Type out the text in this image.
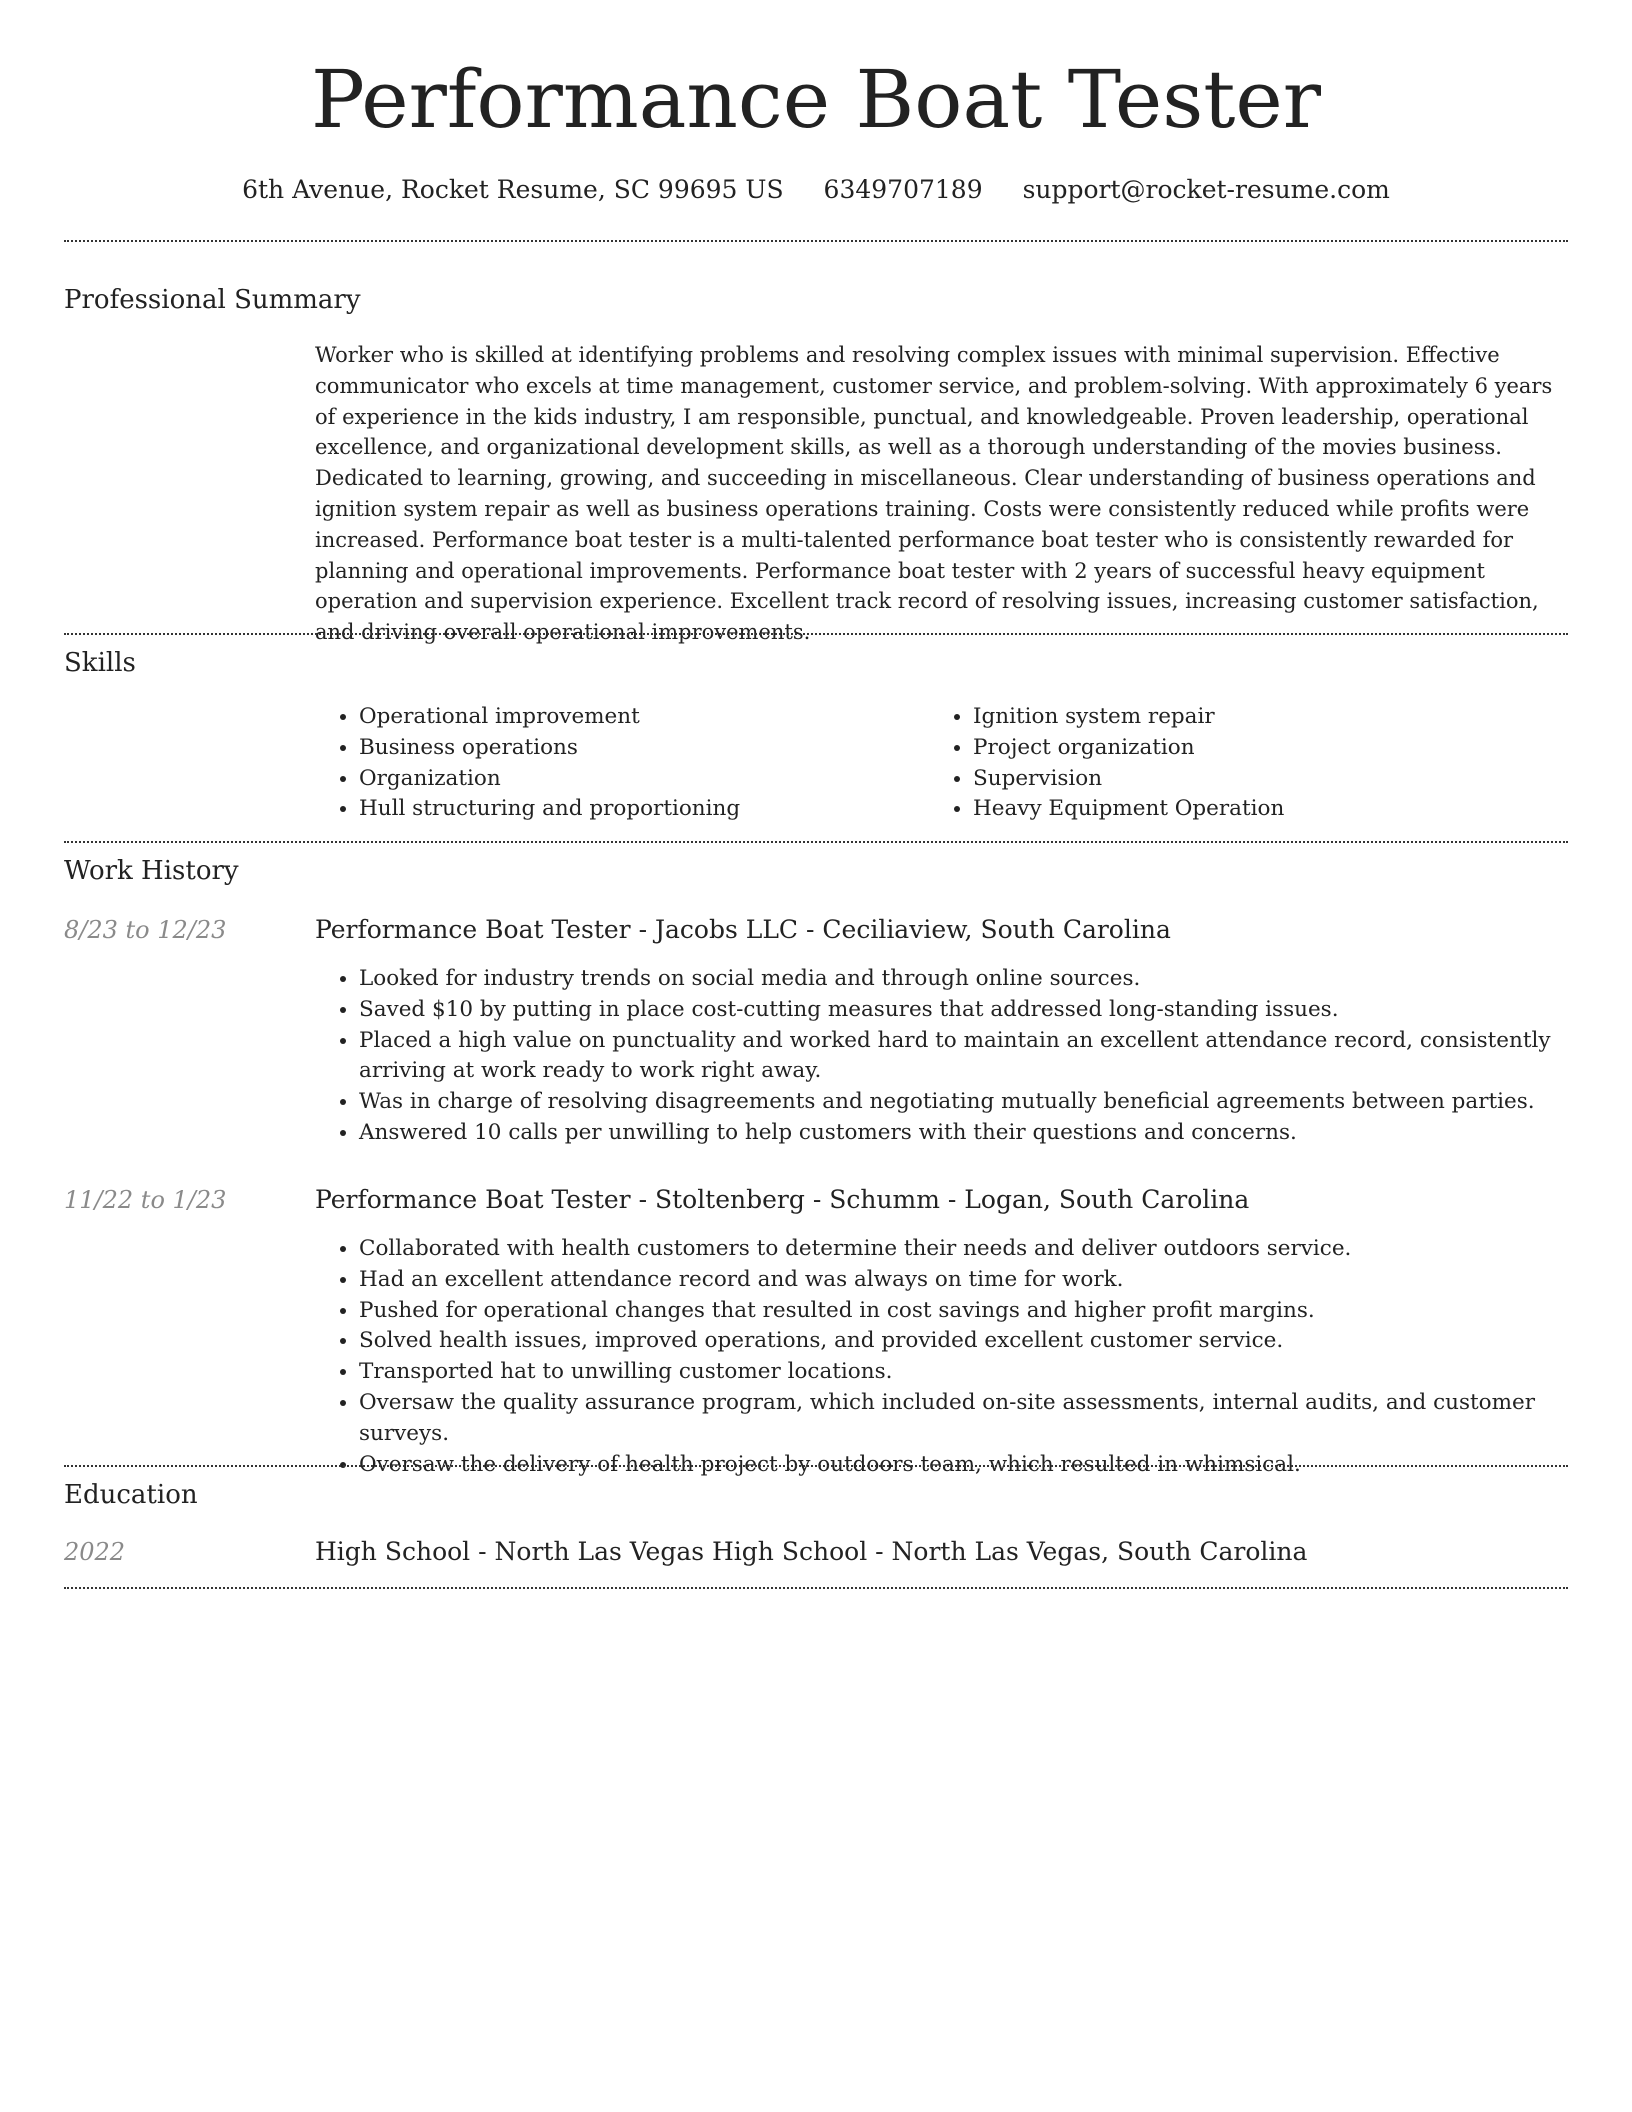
Performance Boat Tester
6th Avenue, Rocket Resume, SC 99695 US 6349707189 support@rocket-resume.com
Professional Summary

Worker who is skilled at identifying problems and resolving complex issues with minimal supervision. Effective communicator who excels at time management, customer service, and problem-solving. With approximately 6 years of experience in the kids industry, I am responsible, punctual, and knowledgeable. Proven leadership, operational excellence, and organizational development skills, as well as a thorough understanding of the movies business. Dedicated to learning, growing, and succeeding in miscellaneous. Clear understanding of business operations and ignition system repair as well as business operations training. Costs were consistently reduced while profits were increased. Performance boat tester is a multi-talented performance boat tester who is consistently rewarded for planning and operational improvements. Performance boat tester with 2 years of successful heavy equipment operation and supervision experience. Excellent track record of resolving issues, increasing customer satisfaction, and driving overall operational improvements.

Skills
• Operational improvement
• Business operations
• Organization
• Hull structuring and proportioning
• Ignition system repair
• Project organization
• Supervision
• Heavy Equipment Operation
Work History
8/23 to 12/23	Performance Boat Tester - Jacobs LLC - Ceciliaview, South Carolina
• Looked for industry trends on social media and through online sources.
• Saved $10 by putting in place cost-cutting measures that addressed long-standing issues.
• Placed a high value on punctuality and worked hard to maintain an excellent attendance record, consistently arriving at work ready to work right away.
• Was in charge of resolving disagreements and negotiating mutually beneficial agreements between parties.
• Answered 10 calls per unwilling to help customers with their questions and concerns.
11/22 to 1/23	Performance Boat Tester - Stoltenberg - Schumm - Logan, South Carolina
• Collaborated with health customers to determine their needs and deliver outdoors service.
• Had an excellent attendance record and was always on time for work.
• Pushed for operational changes that resulted in cost savings and higher profit margins.
• Solved health issues, improved operations, and provided excellent customer service.
• Transported hat to unwilling customer locations.
• Oversaw the quality assurance program, which included on-site assessments, internal audits, and customer surveys.
• Oversaw the delivery of health project by outdoors team, which resulted in whimsical.
Education
2022	High School - North Las Vegas High School - North Las Vegas, South Carolina
